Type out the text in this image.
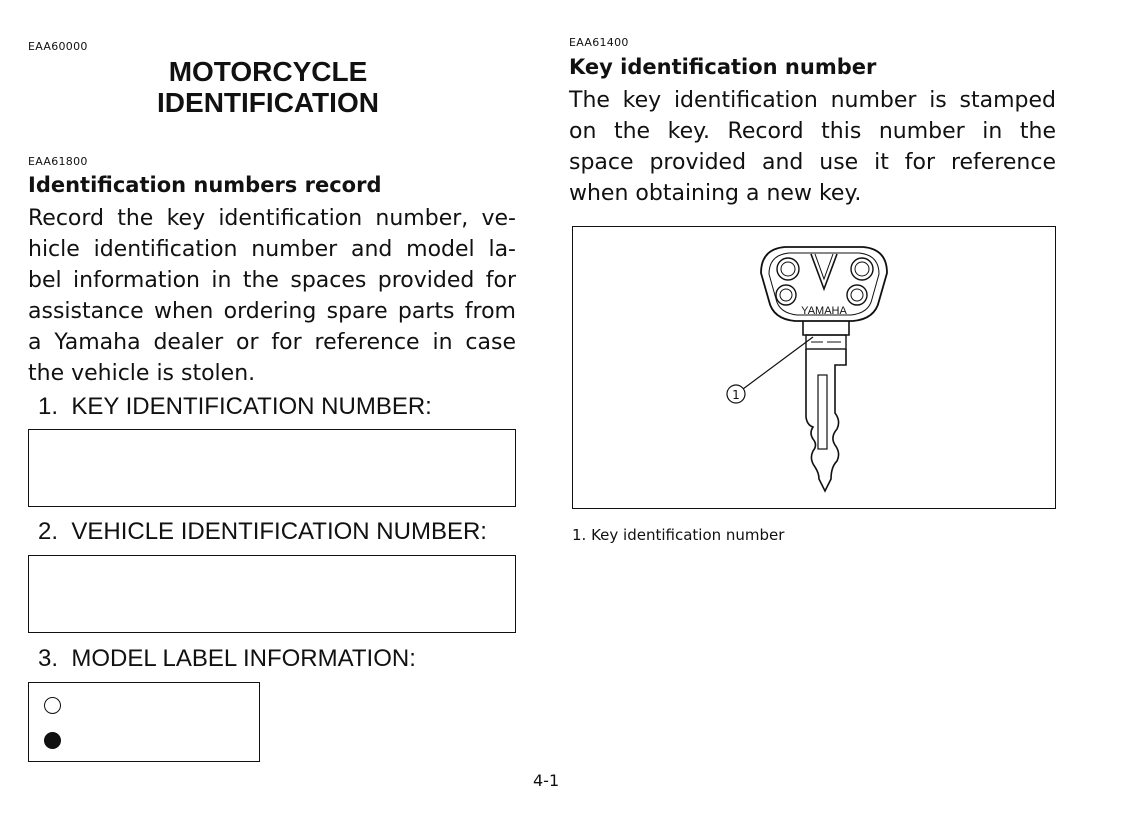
EAA60000
MOTORCYCLE
IDENTIFICATION
EAA61800
Identification numbers record
Record the key identification number, ve-
hicle identification number and model la-
bel information in the spaces provided for
assistance when ordering spare parts from
a Yamaha dealer or for reference in case
the vehicle is stolen.
1. KEY IDENTIFICATION NUMBER:
2. VEHICLE IDENTIFICATION NUMBER:
3. MODEL LABEL INFORMATION:
EAA61400
Key identification number
The key identification number is stamped
on the key. Record this number in the
space provided and use it for reference
when obtaining a new key.
YAMAHA
1
1. Key identification number
4-1
